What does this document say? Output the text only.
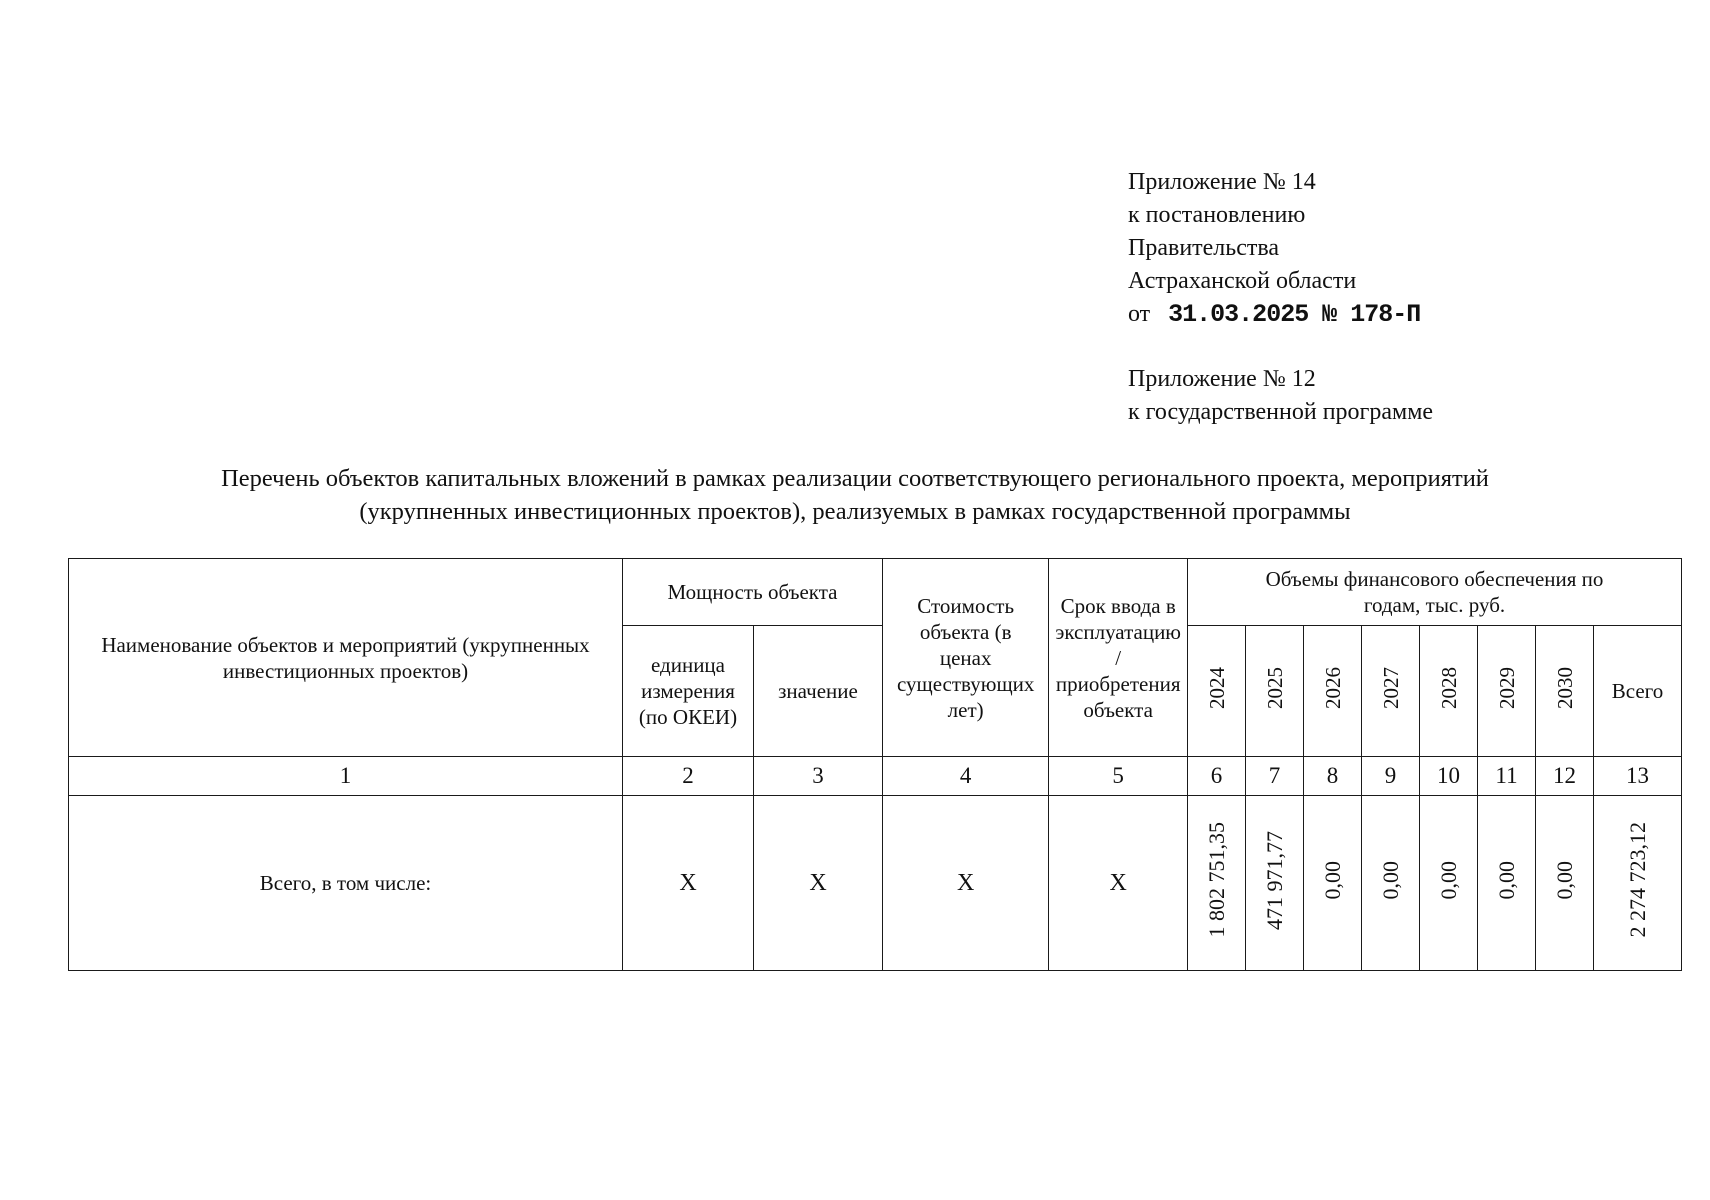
Приложение № 14
к постановлению
Правительства
Астраханской области
от 31.03.2025 № 178-П
Приложение № 12
к государственной программе
Перечень объектов капитальных вложений в рамках реализации соответствующего регионального проекта, мероприятий
(укрупненных инвестиционных проектов), реализуемых в рамках государственной программы
Наименование объектов и мероприятий (укрупненных инвестиционных проектов)	Мощность объекта		Стоимость объекта (в ценах существующих лет)	Срок ввода в эксплуатацию / приобретения объекта	Объемы финансового обеспечения по годам, тыс. руб.							
	единица измерения (по ОКЕИ)	значение			2024	2025	2026	2027	2028	2029	2030	Всего
1	2	3	4	5	6	7	8	9	10	11	12	13
Всего, в том числе:	X	X	X	X	1 802 751,35	471 971,77	0,00	0,00	0,00	0,00	0,00	2 274 723,12
